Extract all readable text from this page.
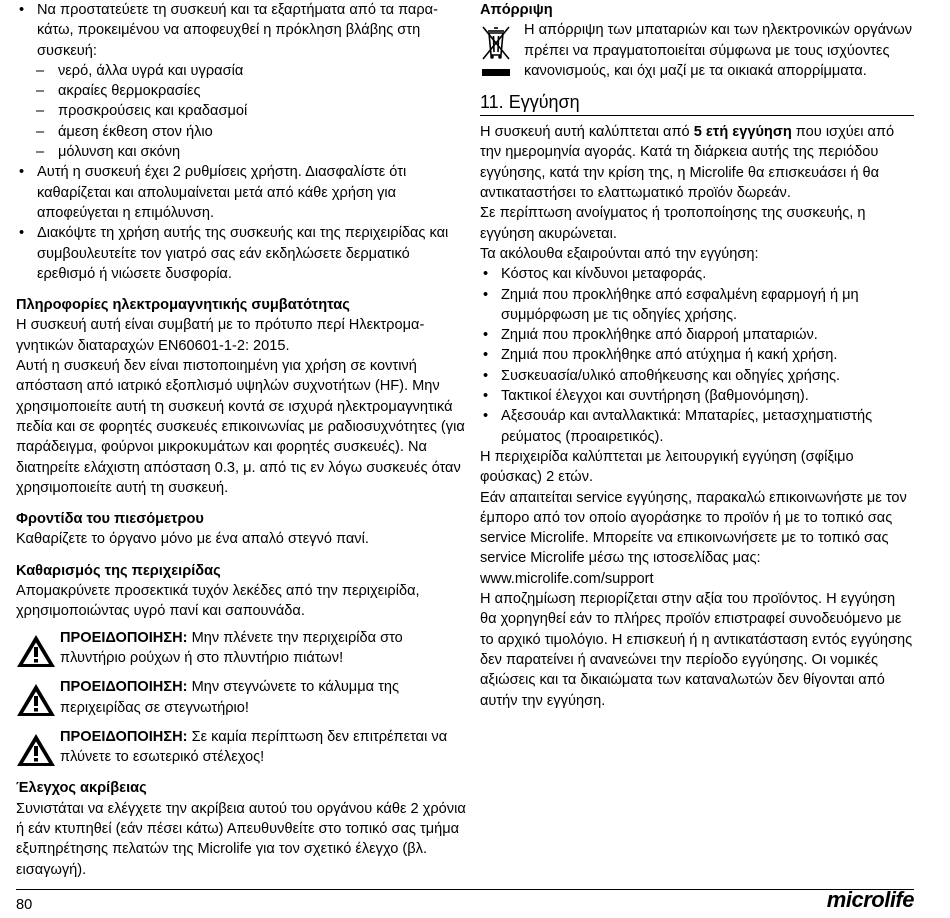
• Να προστατεύετε τη συσκευή και τα εξαρτήματα από τα παρακάτω, προκειμένου να αποφευχθεί η πρόκληση βλάβης στη συσκευή:
– νερό, άλλα υγρά και υγρασία
– ακραίες θερμοκρασίες
– προσκρούσεις και κραδασμοί
– άμεση έκθεση στον ήλιο
– μόλυνση και σκόνη
• Αυτή η συσκευή έχει 2 ρυθμίσεις χρήστη. Διασφαλίστε ότι καθαρίζεται και απολυμαίνεται μετά από κάθε χρήση για αποφεύγεται η επιμόλυνση.
• Διακόψτε τη χρήση αυτής της συσκευής και της περιχειρίδας και συμβουλευτείτε τον γιατρό σας εάν εκδηλώσετε δερματικό ερεθισμό ή νιώσετε δυσφορία.

Πληροφορίες ηλεκτρομαγνητικής συμβατότητας

Η συσκευή αυτή είναι συμβατή με το πρότυπο περί Ηλεκτρομαγνητικών διαταραχών EN60601-1-2: 2015.

Αυτή η συσκευή δεν είναι πιστοποιημένη για χρήση σε κοντινή απόσταση από ιατρικό εξοπλισμό υψηλών συχνοτήτων (HF). Μην χρησιμοποιείτε αυτή τη συσκευή κοντά σε ισχυρά ηλεκτρομαγνητικά πεδία και σε φορητές συσκευές επικοινωνίας με ραδιοσυχνότητες (για παράδειγμα, φούρνοι μικροκυμάτων και φορητές συσκευές). Να διατηρείτε ελάχιστη απόσταση 0.3, μ. από τις εν λόγω συσκευές όταν χρησιμοποιείτε αυτή τη συσκευή.

Φροντίδα του πιεσόμετρου

Καθαρίζετε το όργανο μόνο με ένα απαλό στεγνό πανί.

Καθαρισμός της περιχειρίδας

Απομακρύνετε προσεκτικά τυχόν λεκέδες από την περιχειρίδα, χρησιμοποιώντας υγρό πανί και σαπουνάδα.

ΠΡΟΕΙΔΟΠΟΙΗΣΗ: Μην πλένετε την περιχειρίδα στο πλυντήριο ρούχων ή στο πλυντήριο πιάτων!

ΠΡΟΕΙΔΟΠΟΙΗΣΗ: Μην στεγνώνετε το κάλυμμα της περιχειρίδας σε στεγνωτήριο!

ΠΡΟΕΙΔΟΠΟΙΗΣΗ: Σε καμία περίπτωση δεν επιτρέπεται να πλύνετε το εσωτερικό στέλεχος!

Έλεγχος ακρίβειας

Συνιστάται να ελέγχετε την ακρίβεια αυτού του οργάνου κάθε 2 χρόνια ή εάν κτυπηθεί (εάν πέσει κάτω) Απευθυνθείτε στο τοπικό σας τμήμα εξυπηρέτησης πελατών της Microlife για τον σχετικό έλεγχο (βλ. εισαγωγή).

Απόρριψη

Η απόρριψη των μπαταριών και των ηλεκτρονικών οργάνων πρέπει να πραγματοποιείται σύμφωνα με τους ισχύοντες κανονισμούς, και όχι μαζί με τα οικιακά απορρίμματα.

11. Εγγύηση

Η συσκευή αυτή καλύπτεται από 5 ετή εγγύηση που ισχύει από την ημερομηνία αγοράς. Κατά τη διάρκεια αυτής της περιόδου εγγύησης, κατά την κρίση της, η Microlife θα επισκευάσει ή θα αντικαταστήσει το ελαττωματικό προϊόν δωρεάν.

Σε περίπτωση ανοίγματος ή τροποποίησης της συσκευής, η εγγύηση ακυρώνεται.

Τα ακόλουθα εξαιρούνται από την εγγύηση:

• Κόστος και κίνδυνοι μεταφοράς.
• Ζημιά που προκλήθηκε από εσφαλμένη εφαρμογή ή μη συμμόρφωση με τις οδηγίες χρήσης.
• Ζημιά που προκλήθηκε από διαρροή μπαταριών.
• Ζημιά που προκλήθηκε από ατύχημα ή κακή χρήση.
• Συσκευασία/υλικό αποθήκευσης και οδηγίες χρήσης.
• Τακτικοί έλεγχοι και συντήρηση (βαθμονόμηση).
• Αξεσουάρ και ανταλλακτικά: Μπαταρίες, μετασχηματιστής ρεύματος (προαιρετικός).

Η περιχειρίδα καλύπτεται με λειτουργική εγγύηση (σφίξιμο φούσκας) 2 ετών.

Εάν απαιτείται service εγγύησης, παρακαλώ επικοινωνήστε με τον έμπορο από τον οποίο αγοράσηκε το προϊόν ή με το τοπικό σας service Microlife. Μπορείτε να επικοινωνήσετε με το τοπικό σας service Microlife μέσω της ιστοσελίδας μας:

www.microlife.com/support

Η αποζημίωση περιορίζεται στην αξία του προϊόντος. Η εγγύηση θα χορηγηθεί εάν το πλήρες προϊόν επιστραφεί συνοδευόμενο με το αρχικό τιμολόγιο. Η επισκευή ή η αντικατάσταση εντός εγγύησης δεν παρατείνει ή ανανεώνει την περίοδο εγγύησης. Οι νομικές αξιώσεις και τα δικαιώματα των καταναλωτών δεν θίγονται από αυτήν την εγγύηση.

80	microlife
